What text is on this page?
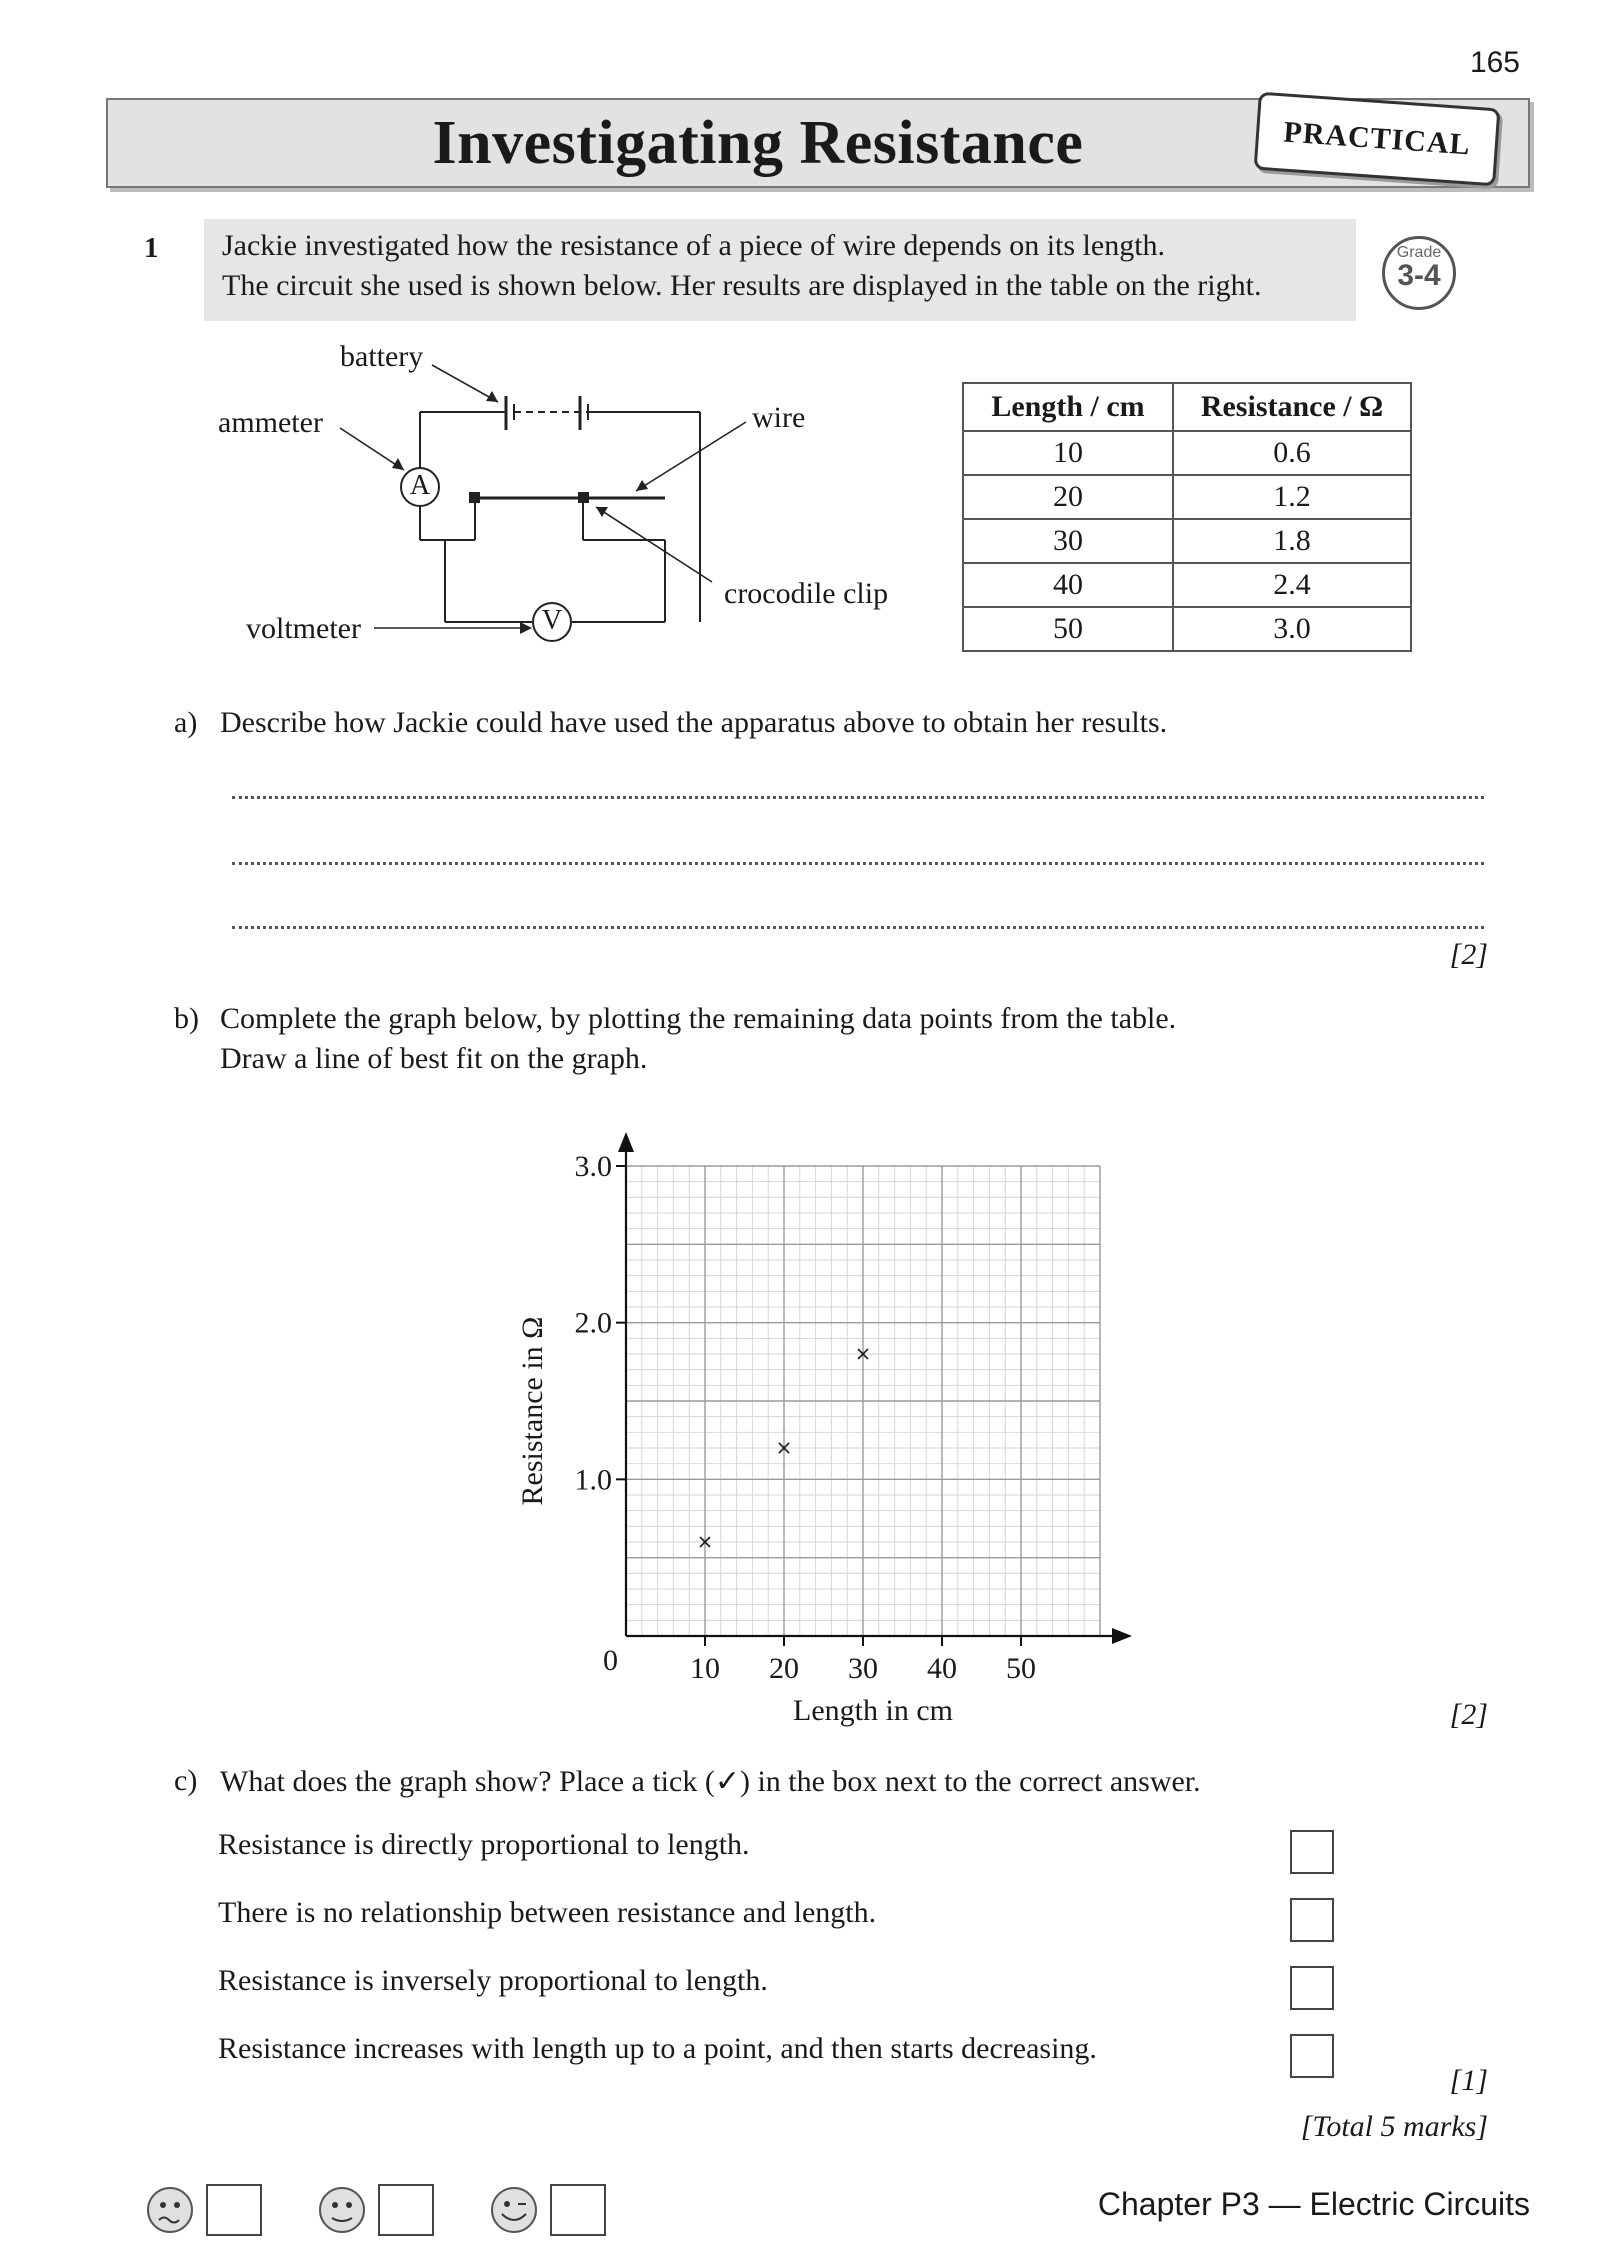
165
Investigating Resistance	PRACTICAL
1 Jackie investigated how the resistance of a piece of wire depends on its length.
The circuit she used is shown below. Her results are displayed in the table on the right.
Grade
3-4
A
V
battery
ammeter	wire
crocodile clip
voltmeter
Length / cm	Resistance / Ω
10	0.6
20	1.2
30	1.8
40	2.4
50	3.0
a) Describe how Jackie could have used the apparatus above to obtain her results.
[2]
b) Complete the graph below, by plotting the remaining data points from the table.
Draw a line of best fit on the graph.
10 20 30 40 50
1.0
2.0
3.0
0
Length in cm
Resistance in Ω
[2]
c) What does the graph show? Place a tick (✓) in the box next to the correct answer.
Resistance is directly proportional to length.
There is no relationship between resistance and length.
Resistance is inversely proportional to length.
Resistance increases with length up to a point, and then starts decreasing.
[1]
[Total 5 marks]
Chapter P3 — Electric Circuits
